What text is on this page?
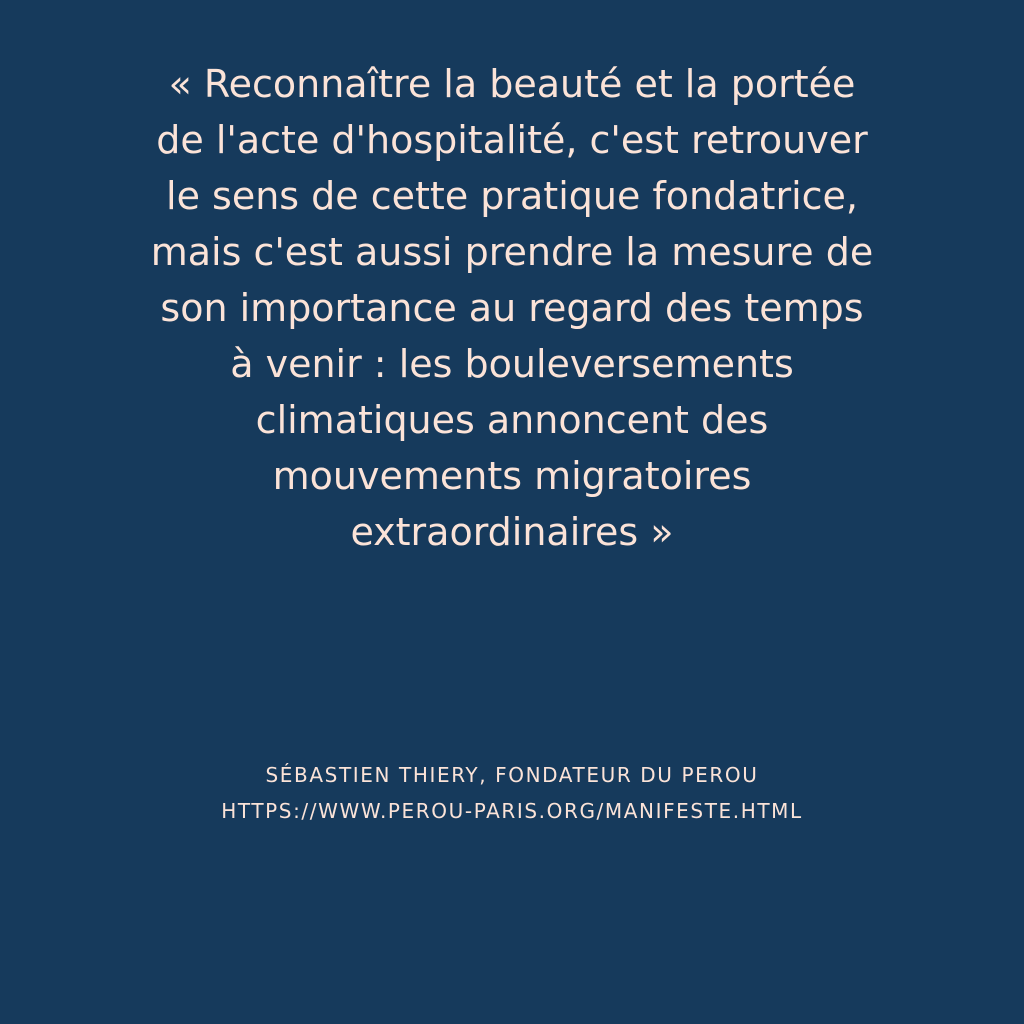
« Reconnaître la beauté et la portée
de l'acte d'hospitalité, c'est retrouver
le sens de cette pratique fondatrice,
mais c'est aussi prendre la mesure de
son importance au regard des temps
à venir : les bouleversements
climatiques annoncent des
mouvements migratoires
extraordinaires »

SÉBASTIEN THIERY, FONDATEUR DU PEROU
HTTPS://WWW.PEROU-PARIS.ORG/MANIFESTE.HTML
